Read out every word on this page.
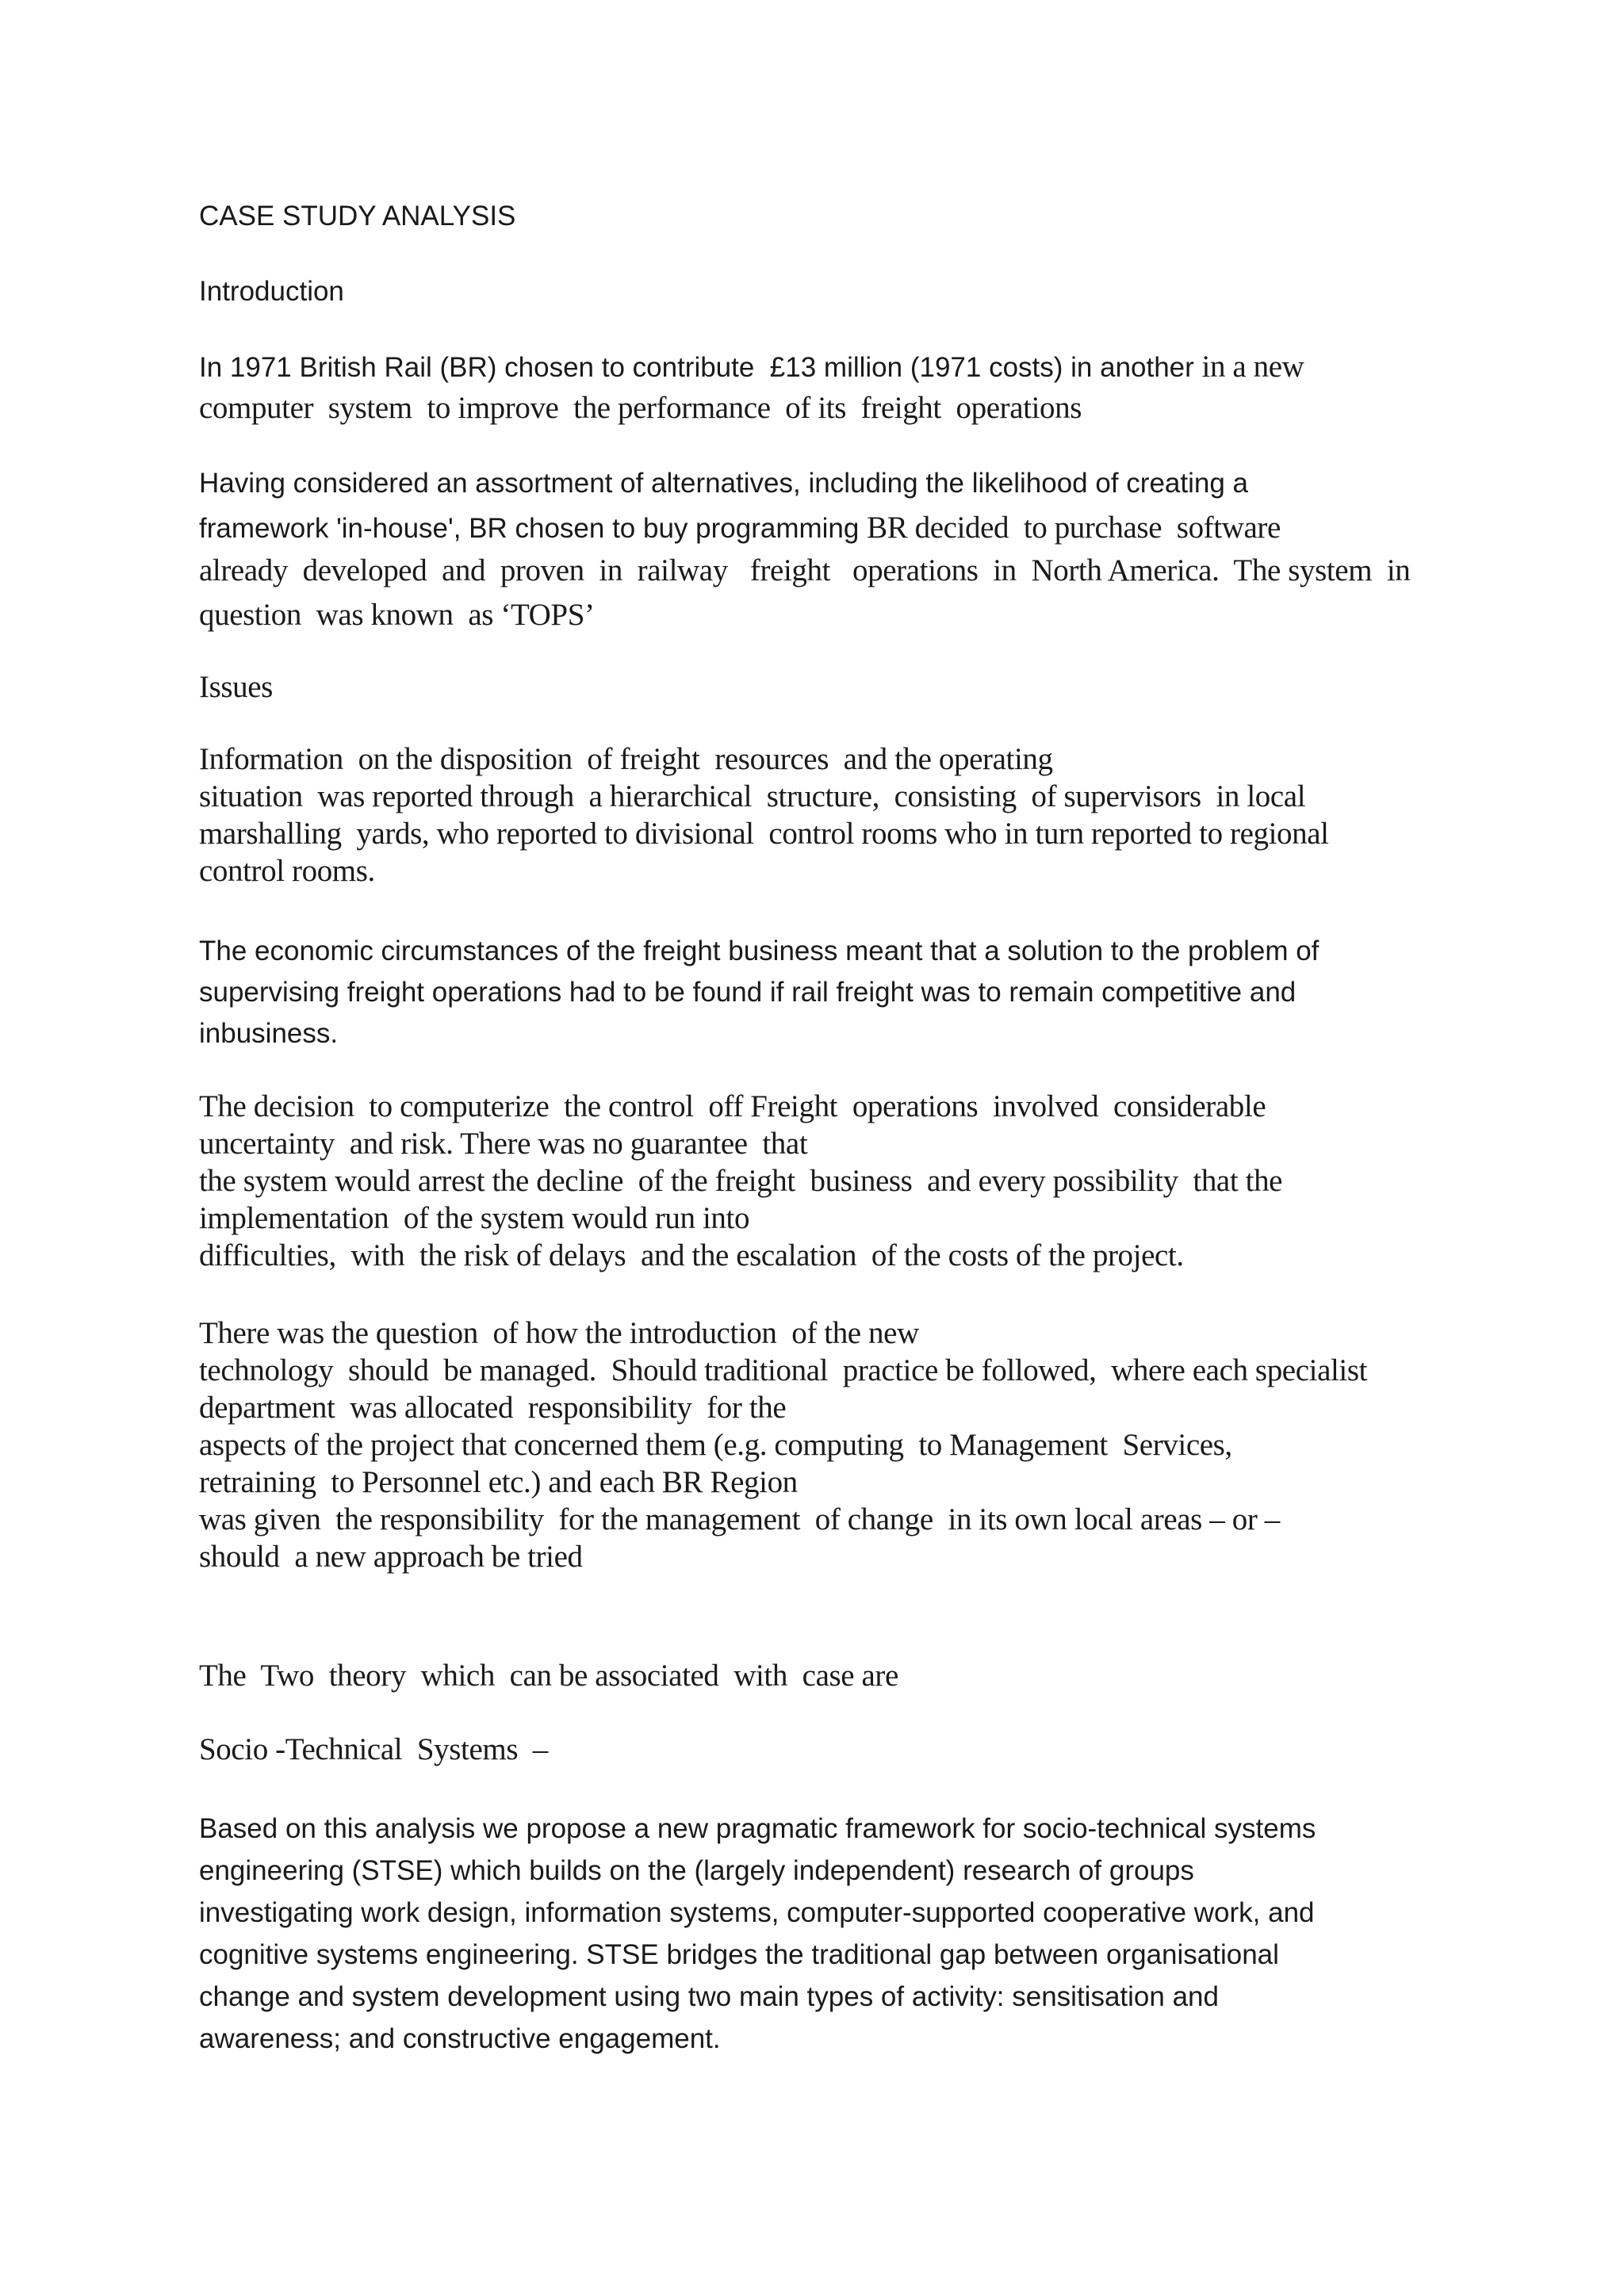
CASE STUDY ANALYSIS
Introduction
In 1971 British Rail (BR) chosen to contribute  £13 million (1971 costs) in another in a new
computer  system  to improve  the performance  of its  freight  operations
Having considered an assortment of alternatives, including the likelihood of creating a
framework 'in-house', BR chosen to buy programming BR decided  to purchase  software
already  developed  and  proven  in  railway   freight   operations  in  North America.  The system  in
question  was known  as ‘TOPS’
Issues
Information  on the disposition  of freight  resources  and the operating
situation  was reported through  a hierarchical  structure,  consisting  of supervisors  in local
marshalling  yards, who reported to divisional  control rooms who in turn reported to regional
control rooms.
The economic circumstances of the freight business meant that a solution to the problem of
supervising freight operations had to be found if rail freight was to remain competitive and
inbusiness.
The decision  to computerize  the control  off Freight  operations  involved  considerable
uncertainty  and risk. There was no guarantee  that
the system would arrest the decline  of the freight  business  and every possibility  that the
implementation  of the system would run into
difficulties,  with  the risk of delays  and the escalation  of the costs of the project.
There was the question  of how the introduction  of the new
technology  should  be managed.  Should traditional  practice be followed,  where each specialist
department  was allocated  responsibility  for the
aspects of the project that concerned them (e.g. computing  to Management  Services,
retraining  to Personnel etc.) and each BR Region
was given  the responsibility  for the management  of change  in its own local areas – or –
should  a new approach be tried
The  Two  theory  which  can be associated  with  case are
Socio -Technical  Systems  –
Based on this analysis we propose a new pragmatic framework for socio-technical systems
engineering (STSE) which builds on the (largely independent) research of groups
investigating work design, information systems, computer-supported cooperative work, and
cognitive systems engineering. STSE bridges the traditional gap between organisational
change and system development using two main types of activity: sensitisation and
awareness; and constructive engagement.
